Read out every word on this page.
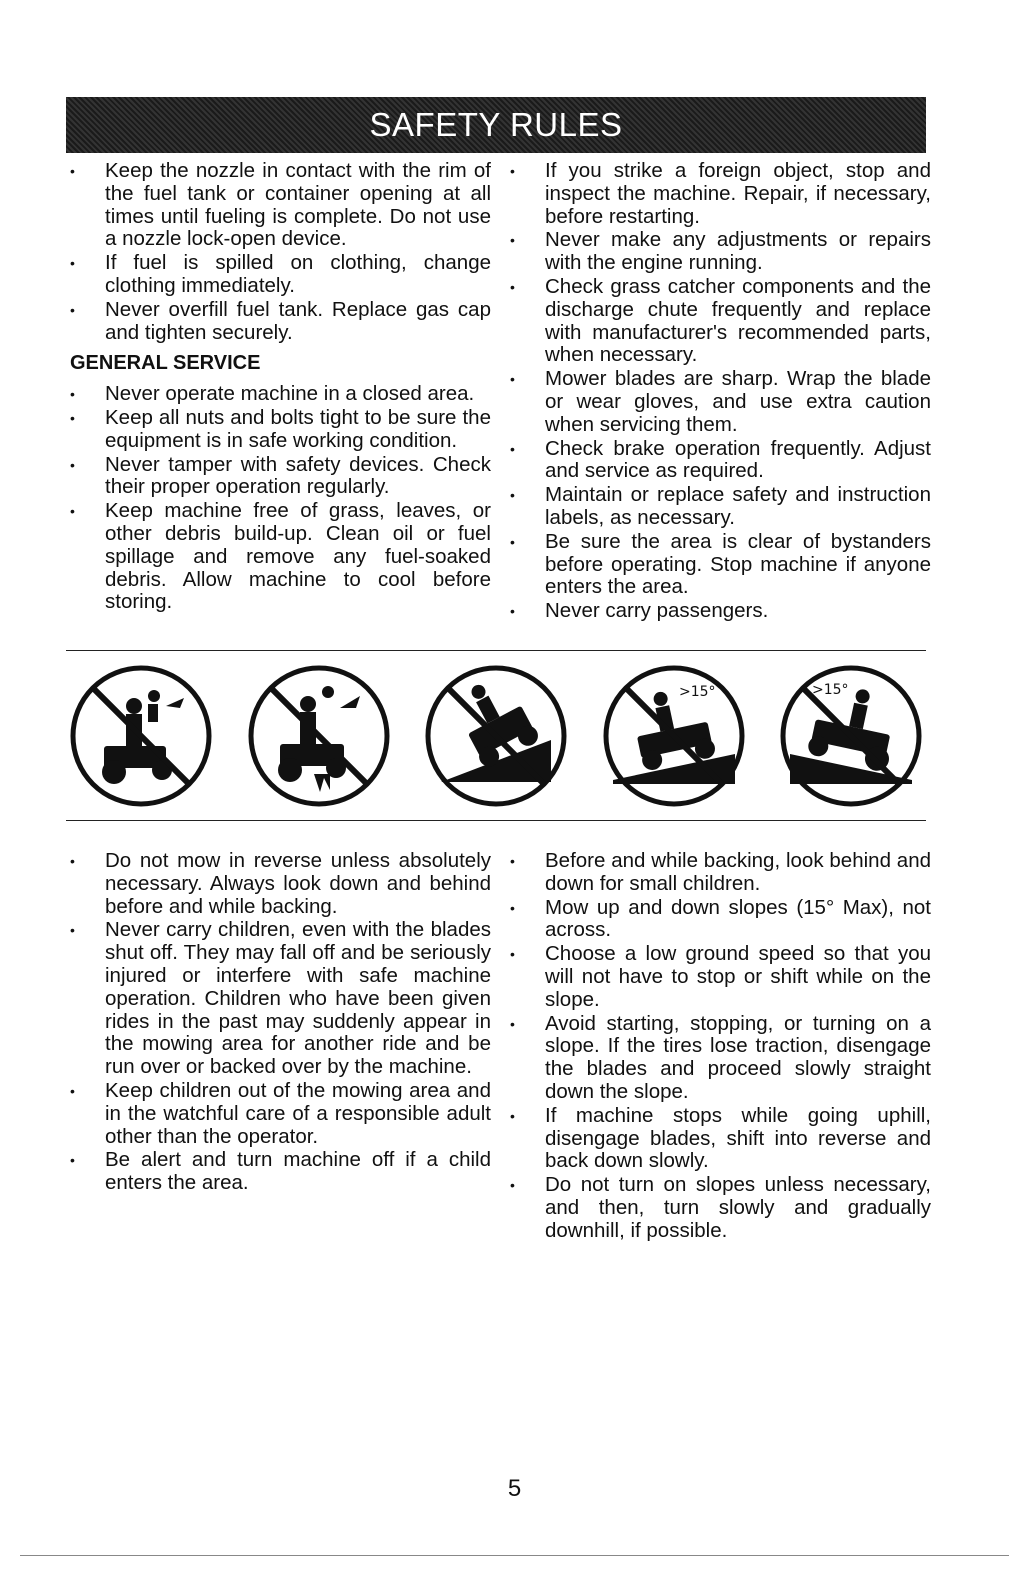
SAFETY RULES
• Keep the nozzle in contact with the rim of the fuel tank or container opening at all times until fueling is complete. Do not use a nozzle lock-open device.
• If fuel is spilled on clothing, change clothing immediately.
• Never overfill fuel tank. Replace gas cap and tighten securely.
GENERAL SERVICE
• Never operate machine in a closed area.
• Keep all nuts and bolts tight to be sure the equipment is in safe working condition.
• Never tamper with safety devices. Check their proper operation regularly.
• Keep machine free of grass, leaves, or other debris build-up. Clean oil or fuel spillage and remove any fuel-soaked debris. Allow machine to cool before storing.
• If you strike a foreign object, stop and inspect the machine. Repair, if necessary, before restarting.
• Never make any adjustments or repairs with the engine running.
• Check grass catcher components and the discharge chute frequently and replace with manufacturer's recommended parts, when necessary.
• Mower blades are sharp. Wrap the blade or wear gloves, and use extra caution when servicing them.
• Check brake operation frequently. Adjust and service as required.
• Maintain or replace safety and instruction labels, as necessary.
• Be sure the area is clear of bystanders before operating. Stop machine if anyone enters the area.
• Never carry passengers.
>15°	>15°
• Do not mow in reverse unless absolutely necessary. Always look down and behind before and while backing.
• Never carry children, even with the blades shut off. They may fall off and be seriously injured or interfere with safe machine operation. Children who have been given rides in the past may suddenly appear in the mowing area for another ride and be run over or backed over by the machine.
• Keep children out of the mowing area and in the watchful care of a responsible adult other than the operator.
• Be alert and turn machine off if a child enters the area.
• Before and while backing, look behind and down for small children.
• Mow up and down slopes (15° Max), not across.
• Choose a low ground speed so that you will not have to stop or shift while on the slope.
• Avoid starting, stopping, or turning on a slope. If the tires lose traction, disengage the blades and proceed slowly straight down the slope.
• If machine stops while going uphill, disengage blades, shift into reverse and back down slowly.
• Do not turn on slopes unless necessary, and then, turn slowly and gradually downhill, if possible.
5
